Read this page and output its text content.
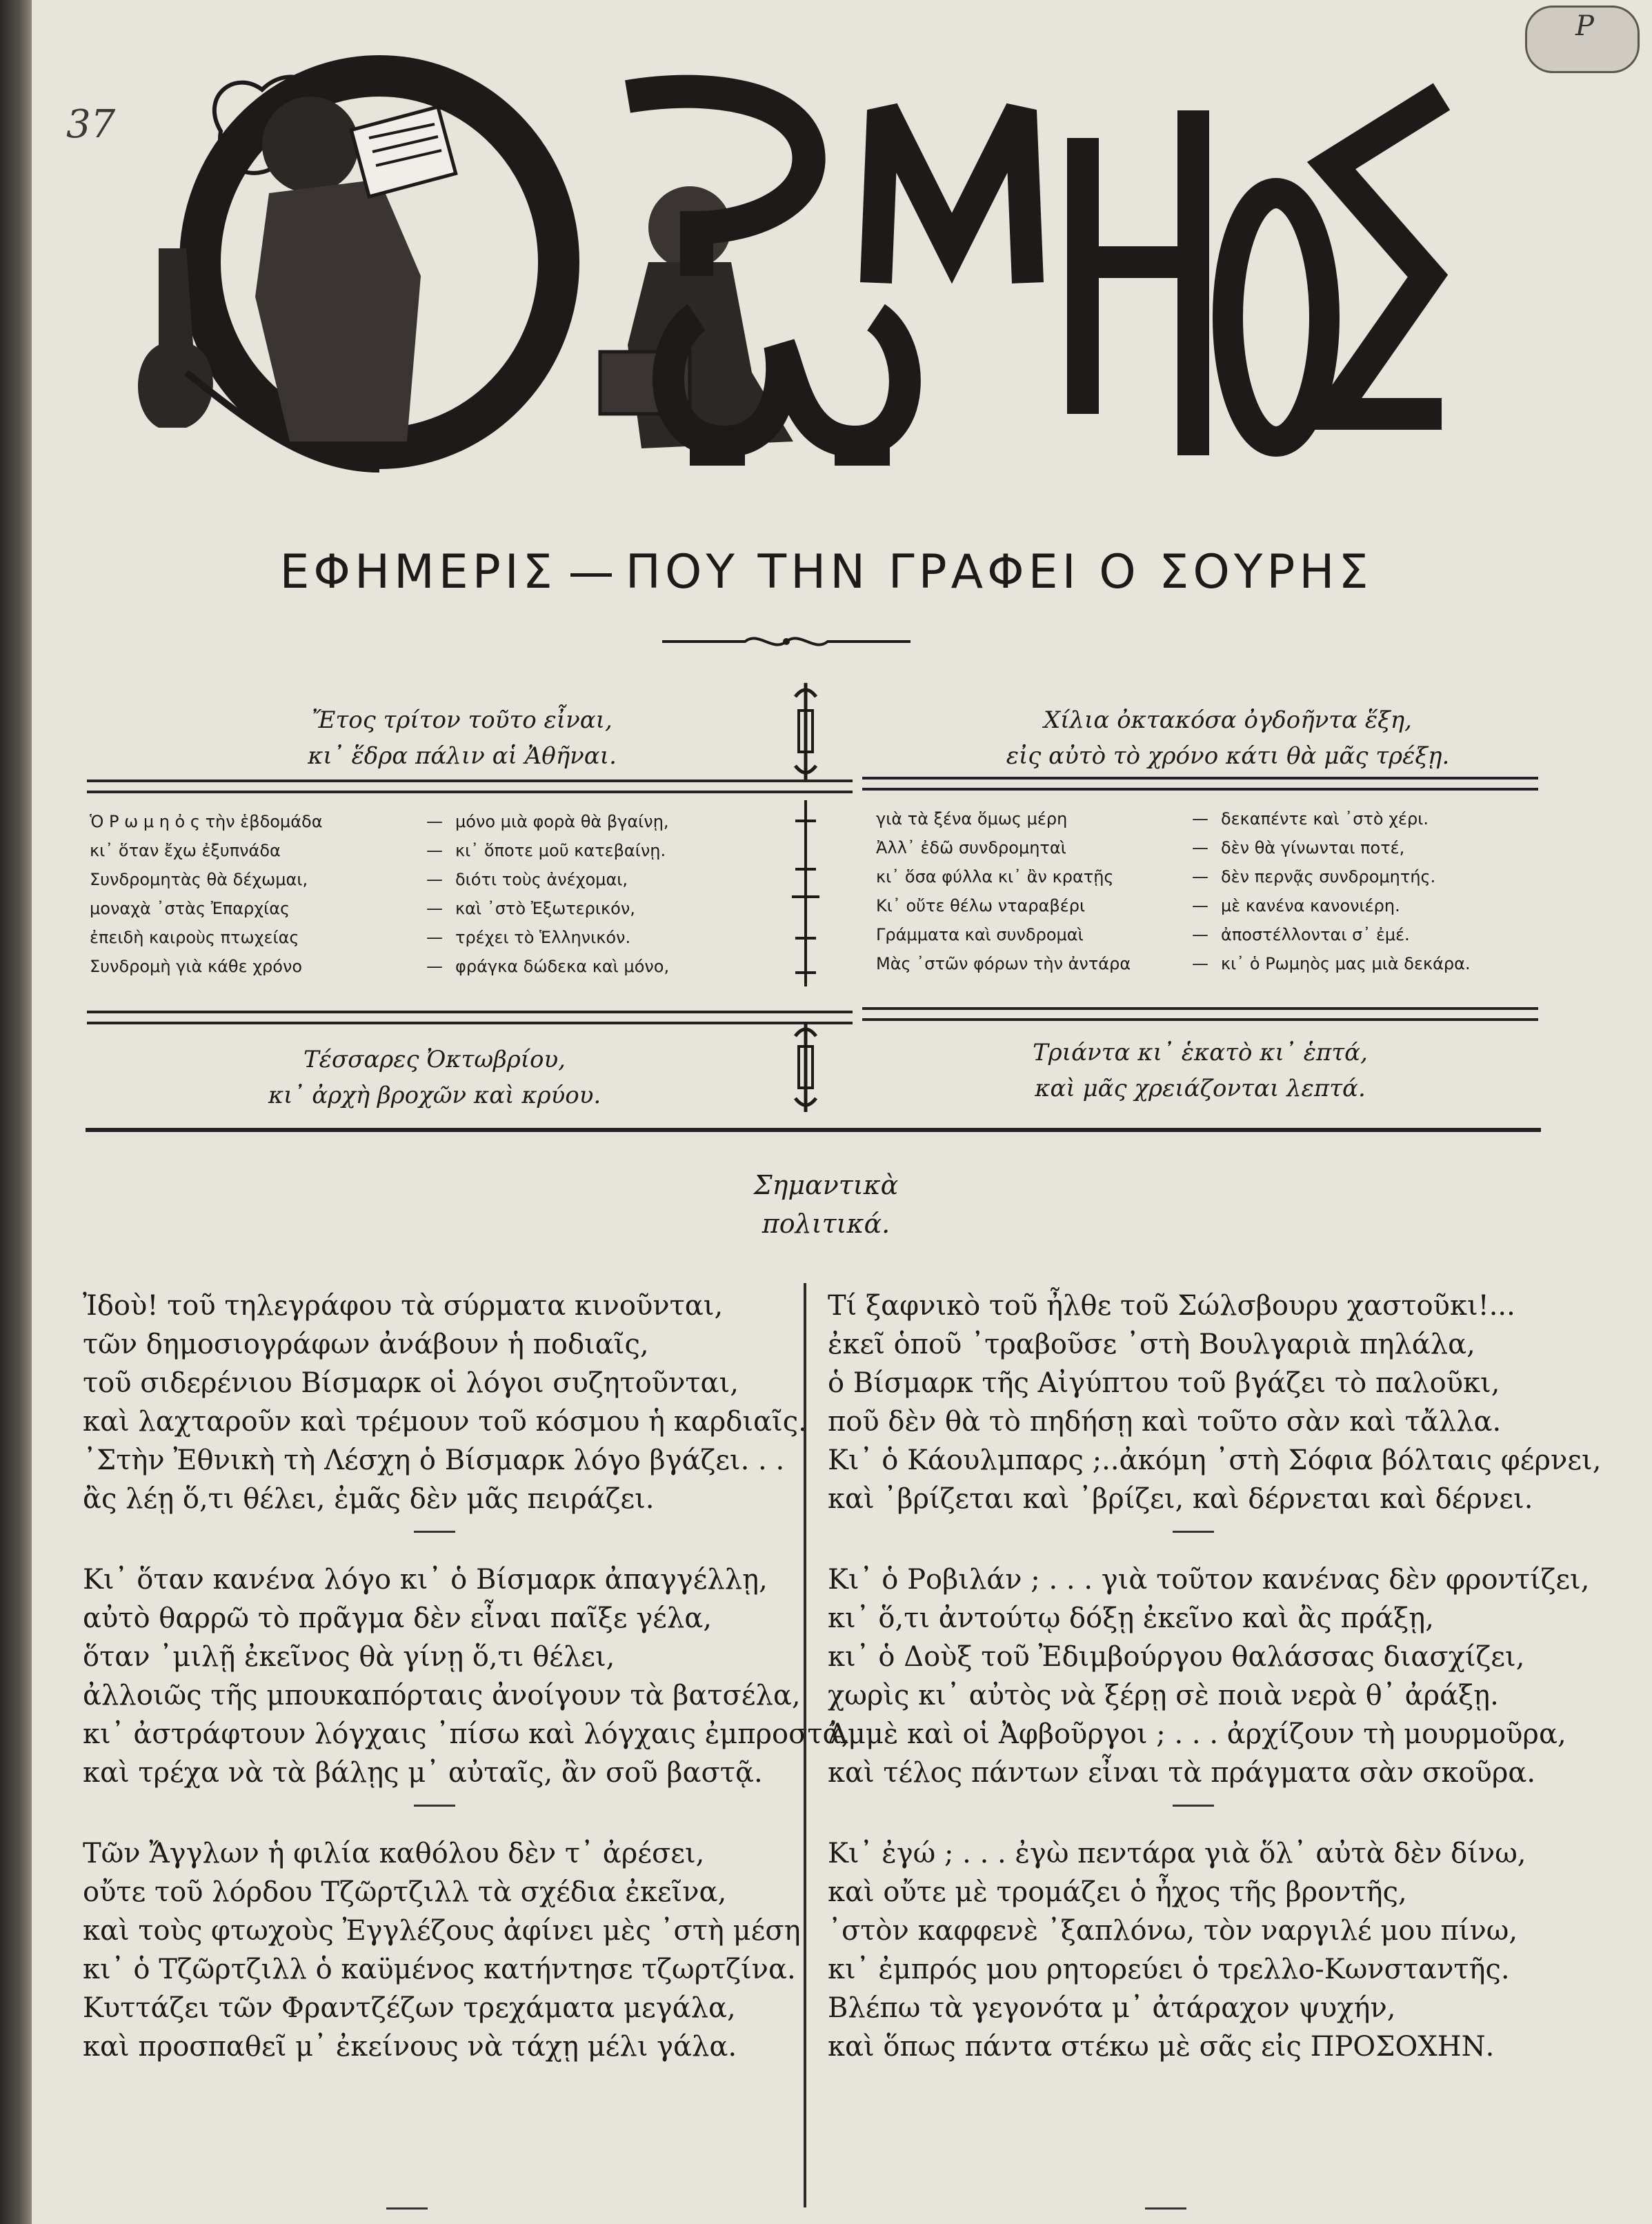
Ρ
37
ΕΦΗΜΕΡΙΣ ΠΟΥ ΤΗΝ ΓΡΑΦΕΙ Ο ΣΟΥΡΗΣ
Ἔτος τρίτον τοῦτο εἶναι,
κι᾽ ἕδρα πάλιν αἱ Ἀθῆναι.
Χίλια ὀκτακόσα ὀγδοῆντα ἕξη,
εἰς αὐτὸ τὸ χρόνο κάτι θὰ μᾶς τρέξῃ.
Ὁ Ρ ω μ η ὀ ς τὴν ἑβδομάδα	— μόνο μιὰ φορὰ θὰ βγαίνῃ,
κι᾽ ὅταν ἔχω ἐξυπνάδα	— κι᾽ ὅποτε μοῦ κατεβαίνῃ.
Συνδρομητὰς θὰ δέχωμαι,	— διότι τοὺς ἀνέχομαι,
μοναχὰ ᾽στὰς Ἐπαρχίας	— καὶ ᾽στὸ Ἐξωτερικόν,
ἐπειδὴ καιροὺς πτωχείας	— τρέχει τὸ Ἑλληνικόν.
Συνδρομὴ γιὰ κάθε χρόνο	— φράγκα δώδεκα καὶ μόνο,
γιὰ τὰ ξένα ὅμως μέρη	— δεκαπέντε καὶ ᾽στὸ χέρι.
Ἀλλ᾽ ἐδῶ συνδρομηταὶ	— δὲν θὰ γίνωνται ποτέ,
κι᾽ ὅσα φύλλα κι᾽ ἂν κρατῇς	— δὲν περνᾷς συνδρομητής.
Κι᾽ οὔτε θέλω νταραβέρι	— μὲ κανένα κανονιέρη.
Γράμματα καὶ συνδρομαὶ	— ἀποστέλλονται σ᾽ ἐμέ.
Μὰς ᾽στῶν φόρων τὴν ἀντάρα	— κι᾽ ὁ Ρωμηὸς μας μιὰ δεκάρα.
Τέσσαρες Ὀκτωβρίου,
κι᾽ ἀρχὴ βροχῶν καὶ κρύου.
Τριάντα κι᾽ ἑκατὸ κι᾽ ἑπτά,
καὶ μᾶς χρειάζονται λεπτά.
Σημαντικὰ
πολιτικά.
Ἰδοὺ! τοῦ τηλεγράφου τὰ σύρματα κινοῦνται,
τῶν δημοσιογράφων ἀνάβουν ἡ ποδιαῖς,
τοῦ σιδερένιου Βίσμαρκ οἱ λόγοι συζητοῦνται,
καὶ λαχταροῦν καὶ τρέμουν τοῦ κόσμου ἡ καρδιαῖς.
᾽Στὴν Ἐθνικὴ τὴ Λέσχη ὁ Βίσμαρκ λόγο βγάζει. . .
ἂς λέῃ ὅ,τι θέλει, ἐμᾶς δὲν μᾶς πειράζει.
Κι᾽ ὅταν κανένα λόγο κι᾽ ὁ Βίσμαρκ ἀπαγγέλλῃ,
αὐτὸ θαρρῶ τὸ πρᾶγμα δὲν εἶναι παῖξε γέλα,
ὅταν ᾽μιλῇ ἐκεῖνος θὰ γίνῃ ὅ,τι θέλει,
ἀλλοιῶς τῆς μπουκαπόρταις ἀνοίγουν τὰ βατσέλα,
κι᾽ ἀστράφτουν λόγχαις ᾽πίσω καὶ λόγχαις ἐμπροστά,
καὶ τρέχα νὰ τὰ βάλῃς μ᾽ αὐταῖς, ἂν σοῦ βαστᾷ.
Τῶν Ἄγγλων ἡ φιλία καθόλου δὲν τ᾽ ἀρέσει,
οὔτε τοῦ λόρδου Τζῶρτζιλλ τὰ σχέδια ἐκεῖνα,
καὶ τοὺς φτωχοὺς Ἐγγλέζους ἀφίνει μὲς ᾽στὴ μέση
κι᾽ ὁ Τζῶρτζιλλ ὁ καϋμένος κατήντησε τζωρτζίνα.
Κυττάζει τῶν Φραντζέζων τρεχάματα μεγάλα,
καὶ προσπαθεῖ μ᾽ ἐκείνους νὰ τάχῃ μέλι γάλα.
Τί ξαφνικὸ τοῦ ἦλθε τοῦ Σώλσβουρυ χαστοῦκι!...
ἐκεῖ ὁποῦ ᾽τραβοῦσε ᾽στὴ Βουλγαριὰ πηλάλα,
ὁ Βίσμαρκ τῆς Αἰγύπτου τοῦ βγάζει τὸ παλοῦκι,
ποῦ δὲν θὰ τὸ πηδήσῃ καὶ τοῦτο σὰν καὶ τἄλλα.
Κι᾽ ὁ Κάουλμπαρς ;..ἀκόμη ᾽στὴ Σόφια βόλταις φέρνει,
καὶ ᾽βρίζεται καὶ ᾽βρίζει, καὶ δέρνεται καὶ δέρνει.
Κι᾽ ὁ Ροβιλάν ; . . . γιὰ τοῦτον κανένας δὲν φροντίζει,
κι᾽ ὅ,τι ἀντούτῳ δόξῃ ἐκεῖνο καὶ ἂς πράξῃ,
κι᾽ ὁ Δοὺξ τοῦ Ἐδιμβούργου θαλάσσας διασχίζει,
χωρὶς κι᾽ αὐτὸς νὰ ξέρῃ σὲ ποιὰ νερὰ θ᾽ ἀράξῃ.
Ἀμμὲ καὶ οἱ Ἀφβοῦργοι ; . . . ἀρχίζουν τὴ μουρμοῦρα,
καὶ τέλος πάντων εἶναι τὰ πράγματα σὰν σκοῦρα.
Κι᾽ ἐγώ ; . . . ἐγὼ πεντάρα γιὰ ὅλ᾽ αὐτὰ δὲν δίνω,
καὶ οὔτε μὲ τρομάζει ὁ ἦχος τῆς βροντῆς,
᾽στὸν καφφενὲ ᾽ξαπλόνω, τὸν ναργιλέ μου πίνω,
κι᾽ ἐμπρός μου ρητορεύει ὁ τρελλο-Κωνσταντῆς.
Βλέπω τὰ γεγονότα μ᾽ ἀτάραχον ψυχήν,
καὶ ὅπως πάντα στέκω μὲ σᾶς εἰς ΠΡΟΣΟΧΗΝ.
